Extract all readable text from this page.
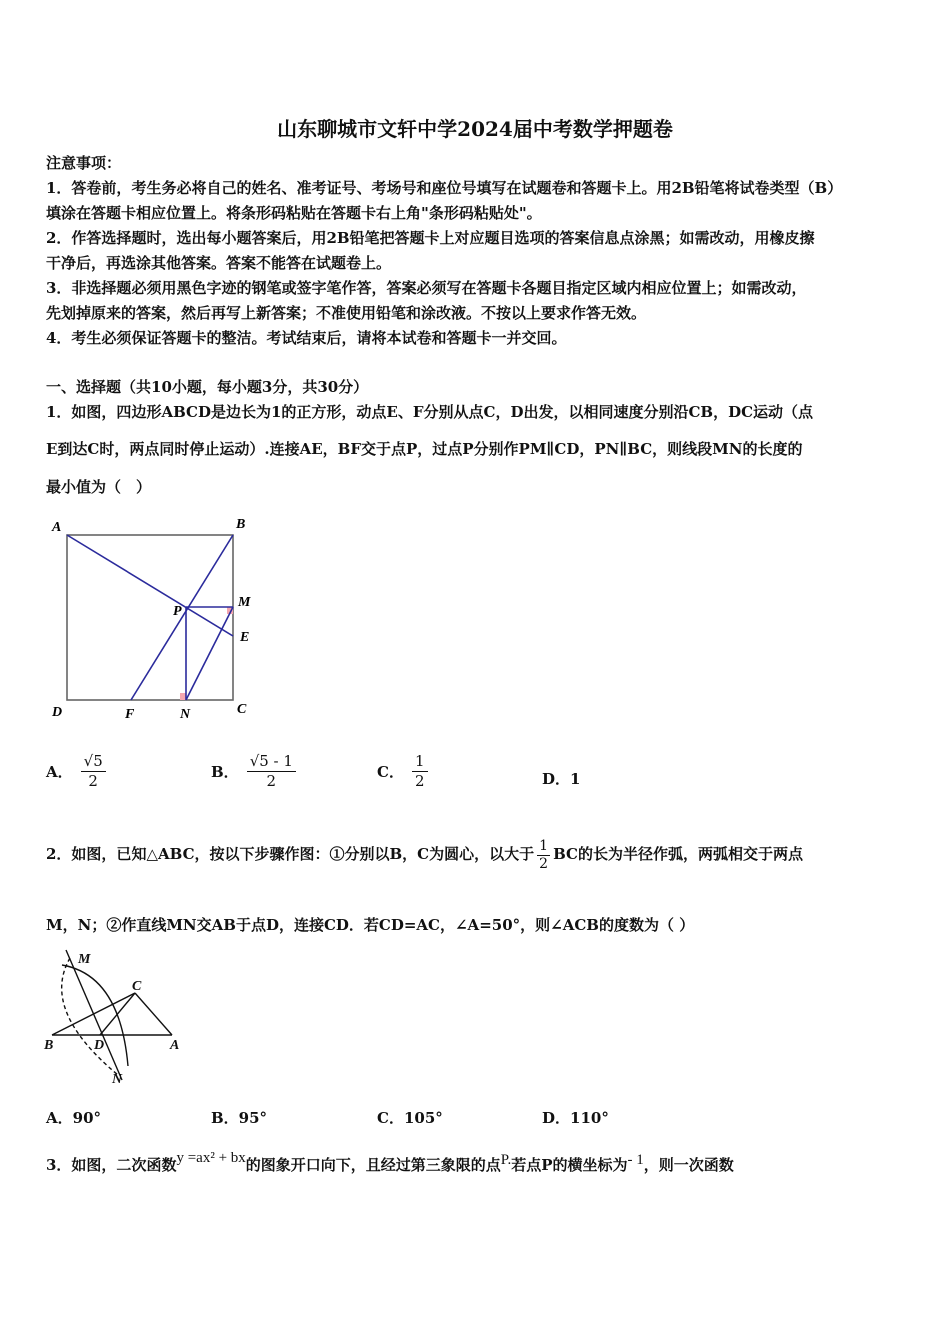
山东聊城市文轩中学2024届中考数学押题卷
注意事项：
1．答卷前，考生务必将自己的姓名、准考证号、考场号和座位号填写在试题卷和答题卡上。用2B铅笔将试卷类型（B）
填涂在答题卡相应位置上。将条形码粘贴在答题卡右上角"条形码粘贴处"。
2．作答选择题时，选出每小题答案后，用2B铅笔把答题卡上对应题目选项的答案信息点涂黑；如需改动，用橡皮擦
干净后，再选涂其他答案。答案不能答在试题卷上。
3．非选择题必须用黑色字迹的钢笔或签字笔作答，答案必须写在答题卡各题目指定区域内相应位置上；如需改动，
先划掉原来的答案，然后再写上新答案；不准使用铅笔和涂改液。不按以上要求作答无效。
4．考生必须保证答题卡的整洁。考试结束后，请将本试卷和答题卡一并交回。
一、选择题（共10小题，每小题3分，共30分）
1．如图，四边形ABCD是边长为1的正方形，动点E、F分别从点C，D出发，以相同速度分别沿CB，DC运动（点
E到达C时，两点同时停止运动）.连接AE，BF交于点P，过点P分别作PM∥CD，PN∥BC，则线段MN的长度的
最小值为（　）
A	B
C
D
E
F
M
N
P
A． $\frac{√5}{2}$	B． $\frac{√5 - 1}{2}$	C． $\frac{1}{2}$	D． 1
2．如图，已知△ABC，按以下步骤作图：①分别以B，C为圆心，以大于 $\frac{1}{2}$ BC的长为半径作弧，两弧相交于两点
M，N；②作直线MN交AB于点D，连接CD．若CD=AC，∠A=50°，则∠ACB的度数为（ ）
M
C
B	D	A
N
A．90°	B．95°	C．105°	D．110°
3．如图，二次函数y =ax² + bx的图象开口向下，且经过第三象限的点P.若点P的横坐标为- 1，则一次函数
